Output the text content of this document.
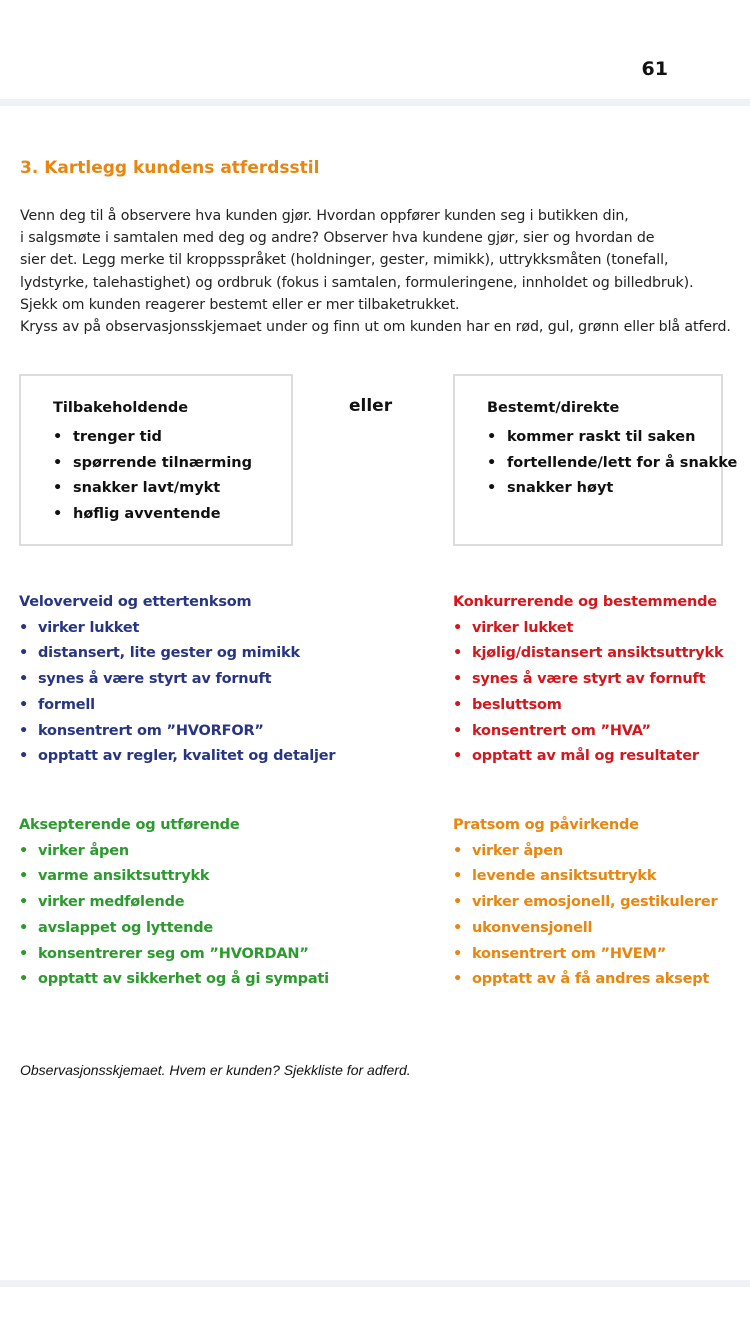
61
3. Kartlegg kundens atferdsstil

Venn deg til å observere hva kunden gjør. Hvordan oppfører kunden seg i butikken din,
i salgsmøte i samtalen med deg og andre? Observer hva kundene gjør, sier og hvordan de
sier det. Legg merke til kroppsspråket (holdninger, gester, mimikk), uttrykksmåten (tonefall,
lydstyrke, talehastighet) og ordbruk (fokus i samtalen, formuleringene, innholdet og billedbruk).
Sjekk om kunden reagerer bestemt eller er mer tilbaketrukket.
Kryss av på observasjonsskjemaet under og finn ut om kunden har en rød, gul, grønn eller blå atferd.

Tilbakeholdende
• trenger tid
• spørrende tilnærming
• snakker lavt/mykt
• høflig avventende
eller	Bestemt/direkte
• kommer raskt til saken
• fortellende/lett for å snakke
• snakker høyt
Veloverveid og ettertenksom
• virker lukket
• distansert, lite gester og mimikk
• synes å være styrt av fornuft
• formell
• konsentrert om ”HVORFOR”
• opptatt av regler, kvalitet og detaljer
Konkurrerende og bestemmende
• virker lukket
• kjølig/distansert ansiktsuttrykk
• synes å være styrt av fornuft
• besluttsom
• konsentrert om ”HVA”
• opptatt av mål og resultater
Aksepterende og utførende
• virker åpen
• varme ansiktsuttrykk
• virker medfølende
• avslappet og lyttende
• konsentrerer seg om ”HVORDAN”
• opptatt av sikkerhet og å gi sympati
Pratsom og påvirkende
• virker åpen
• levende ansiktsuttrykk
• virker emosjonell, gestikulerer
• ukonvensjonell
• konsentrert om ”HVEM”
• opptatt av å få andres aksept

Observasjonsskjemaet. Hvem er kunden? Sjekkliste for adferd.
